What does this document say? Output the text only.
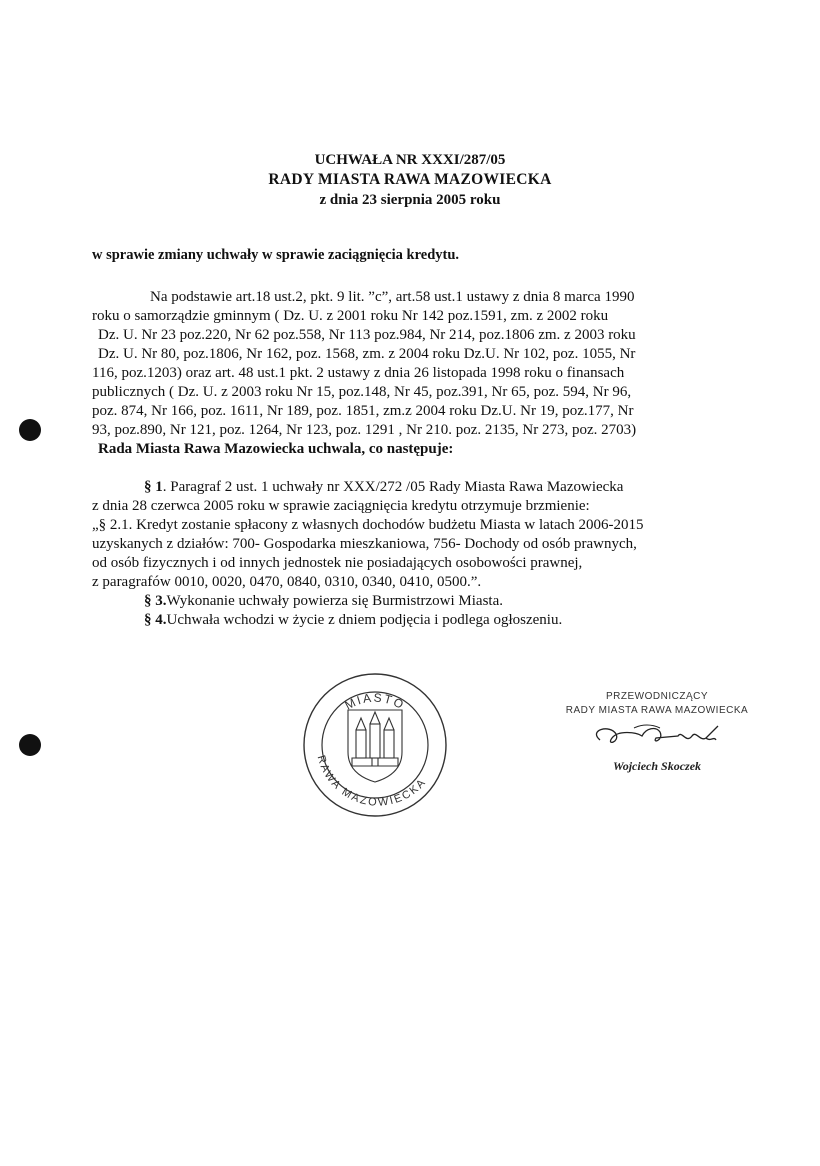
UCHWAŁA NR XXXI/287/05
RADY MIASTA RAWA MAZOWIECKA
z dnia 23 sierpnia 2005 roku
w sprawie zmiany uchwały w sprawie zaciągnięcia kredytu.
Na podstawie art.18 ust.2, pkt. 9 lit. ”c”, art.58 ust.1 ustawy z dnia 8 marca 1990
roku o samorządzie gminnym ( Dz. U. z 2001 roku Nr 142 poz.1591, zm. z 2002 roku
Dz. U. Nr 23 poz.220, Nr 62 poz.558, Nr 113 poz.984, Nr 214, poz.1806 zm. z 2003 roku
Dz. U. Nr 80, poz.1806, Nr 162, poz. 1568, zm. z 2004 roku Dz.U. Nr 102, poz. 1055, Nr
116, poz.1203) oraz art. 48 ust.1 pkt. 2 ustawy z dnia 26 listopada 1998 roku o finansach
publicznych ( Dz. U. z 2003 roku Nr 15, poz.148, Nr 45, poz.391, Nr 65, poz. 594, Nr 96,
poz. 874, Nr 166, poz. 1611, Nr 189, poz. 1851, zm.z 2004 roku Dz.U. Nr 19, poz.177, Nr
93, poz.890, Nr 121, poz. 1264, Nr 123, poz. 1291 , Nr 210. poz. 2135, Nr 273, poz. 2703)
Rada Miasta Rawa Mazowiecka uchwala, co następuje:
§ 1. Paragraf 2 ust. 1 uchwały nr XXX/272 /05 Rady Miasta Rawa Mazowiecka
z dnia 28 czerwca 2005 roku w sprawie zaciągnięcia kredytu otrzymuje brzmienie:
„§ 2.1. Kredyt zostanie spłacony z własnych dochodów budżetu Miasta w latach 2006-2015
uzyskanych z działów: 700- Gospodarka mieszkaniowa, 756- Dochody od osób prawnych,
od osób fizycznych i od innych jednostek nie posiadających osobowości prawnej,
z paragrafów 0010, 0020, 0470, 0840, 0310, 0340, 0410, 0500.”.
§ 3.Wykonanie uchwały powierza się Burmistrzowi Miasta.
§ 4.Uchwała wchodzi w życie z dniem podjęcia i podlega ogłoszeniu.
MIASTO
RAWA MAZOWIECKA
PRZEWODNICZĄCY
RADY MIASTA RAWA MAZOWIECKA
Wojciech Skoczek
